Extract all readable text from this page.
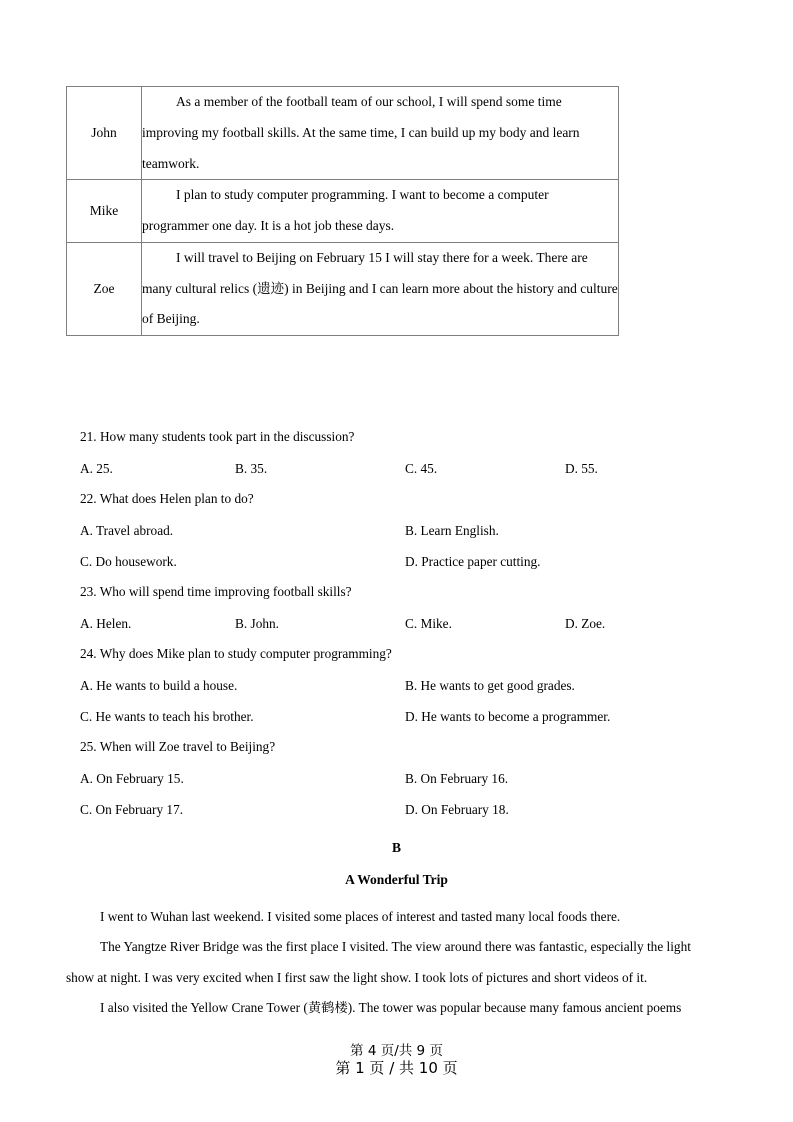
John	As a member of the football team of our school, I will spend some time improving my football skills. At the same time, I can build up my body and learn teamwork.
Mike	I plan to study computer programming. I want to become a computer programmer one day. It is a hot job these days.
Zoe	I will travel to Beijing on February 15 I will stay there for a week. There are many cultural relics (遗迹) in Beijing and I can learn more about the history and culture of Beijing.
21. How many students took part in the discussion?
A. 25.	B. 35.	C. 45.	D. 55.
22. What does Helen plan to do?
A. Travel abroad.	B. Learn English.
C. Do housework.	D. Practice paper cutting.
23. Who will spend time improving football skills?
A. Helen.	B. John.	C. Mike.	D. Zoe.
24. Why does Mike plan to study computer programming?
A. He wants to build a house.	B. He wants to get good grades.
C. He wants to teach his brother.	D. He wants to become a programmer.
25. When will Zoe travel to Beijing?
A. On February 15.	B. On February 16.
C. On February 17.	D. On February 18.
B
A Wonderful Trip

I went to Wuhan last weekend. I visited some places of interest and tasted many local foods there.

The Yangtze River Bridge was the first place I visited. The view around there was fantastic, especially the light show at night. I was very excited when I first saw the light show. I took lots of pictures and short videos of it.

I also visited the Yellow Crane Tower (黄鹤楼). The tower was popular because many famous ancient poems

第 4 页/共 9 页
第 1 页 / 共 10 页
